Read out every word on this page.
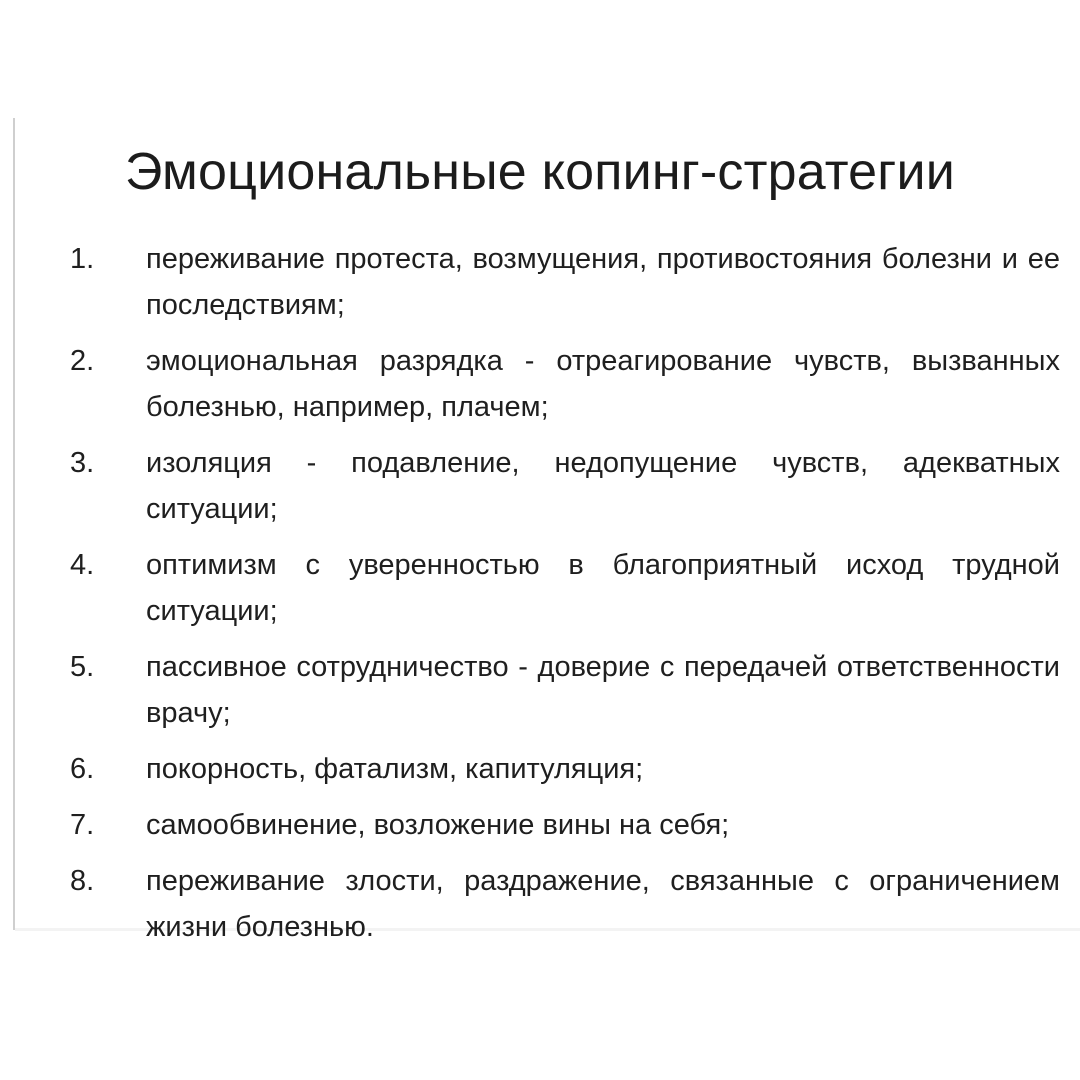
Эмоциональные копинг-стратегии
1.	переживание протеста, возмущения, противостояния болезни и ее последствиям;
2.	эмоциональная разрядка - отреагирование чувств, вызванных болезнью, например, плачем;
3.	изоляция - подавление, недопущение чувств, адекватных ситуации;
4.	оптимизм с уверенностью в благоприятный исход трудной ситуации;
5.	пассивное сотрудничество - доверие с передачей ответственности врачу;
6.	покорность, фатализм, капитуляция;
7.	самообвинение, возложение вины на себя;
8.	переживание злости, раздражение, связанные с ограничением жизни болезнью.
